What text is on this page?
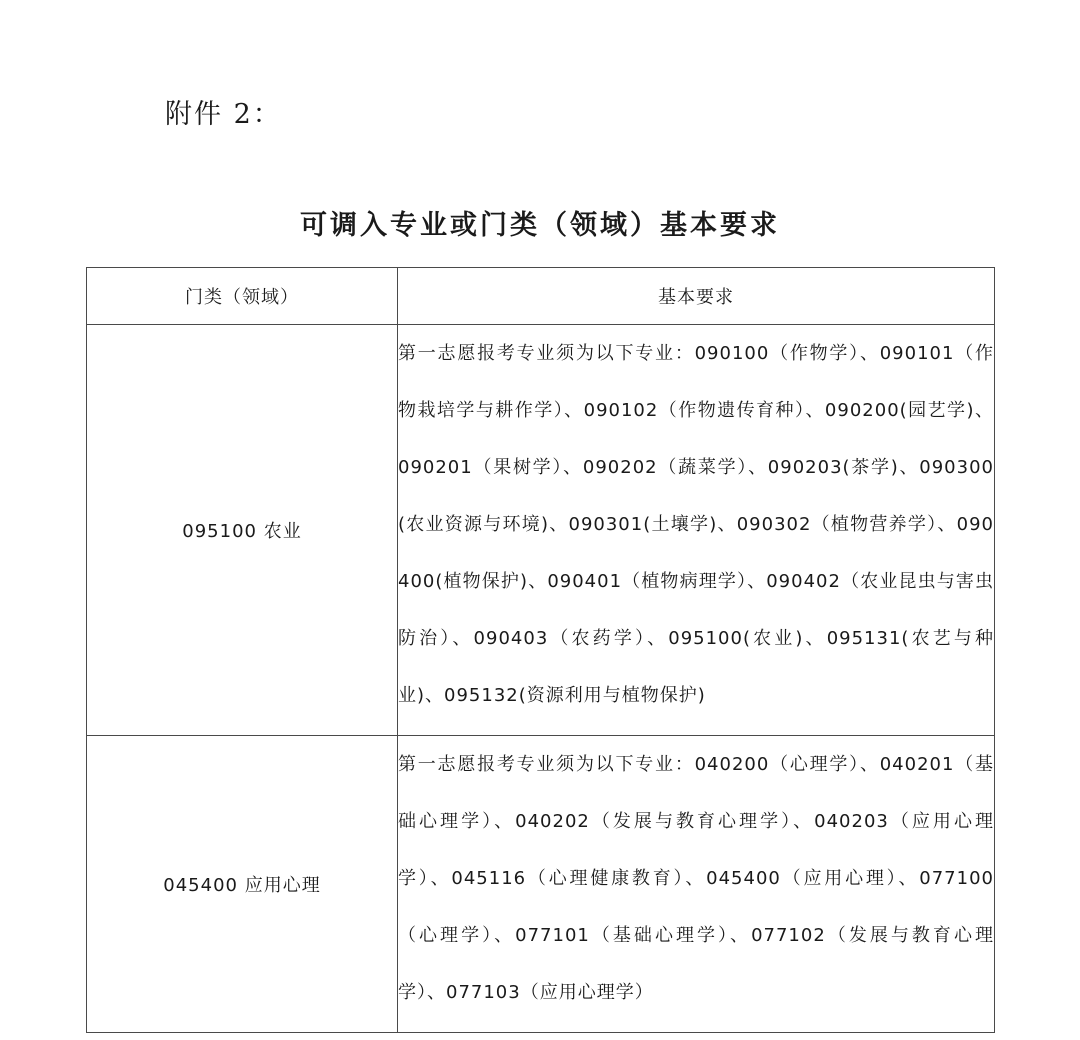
附件 2：
可调入专业或门类（领域）基本要求
门类（领域）	基本要求
095100 农业	第一志愿报考专业须为以下专业：090100（作物学）、090101（作物栽培学与耕作学）、090102（作物遗传育种）、090200(园艺学)、090201（果树学）、090202（蔬菜学）、090203(茶学)、090300(农业资源与环境)、090301(土壤学)、090302（植物营养学）、090400(植物保护)、090401（植物病理学）、090402（农业昆虫与害虫防治）、090403（农药学）、095100(农业)、095131(农艺与种业)、095132(资源利用与植物保护)

045400 应用心理	第一志愿报考专业须为以下专业：040200（心理学）、040201（基础心理学）、040202（发展与教育心理学）、040203（应用心理学）、045116（心理健康教育）、045400（应用心理）、077100（心理学）、077101（基础心理学）、077102（发展与教育心理学）、077103（应用心理学）
